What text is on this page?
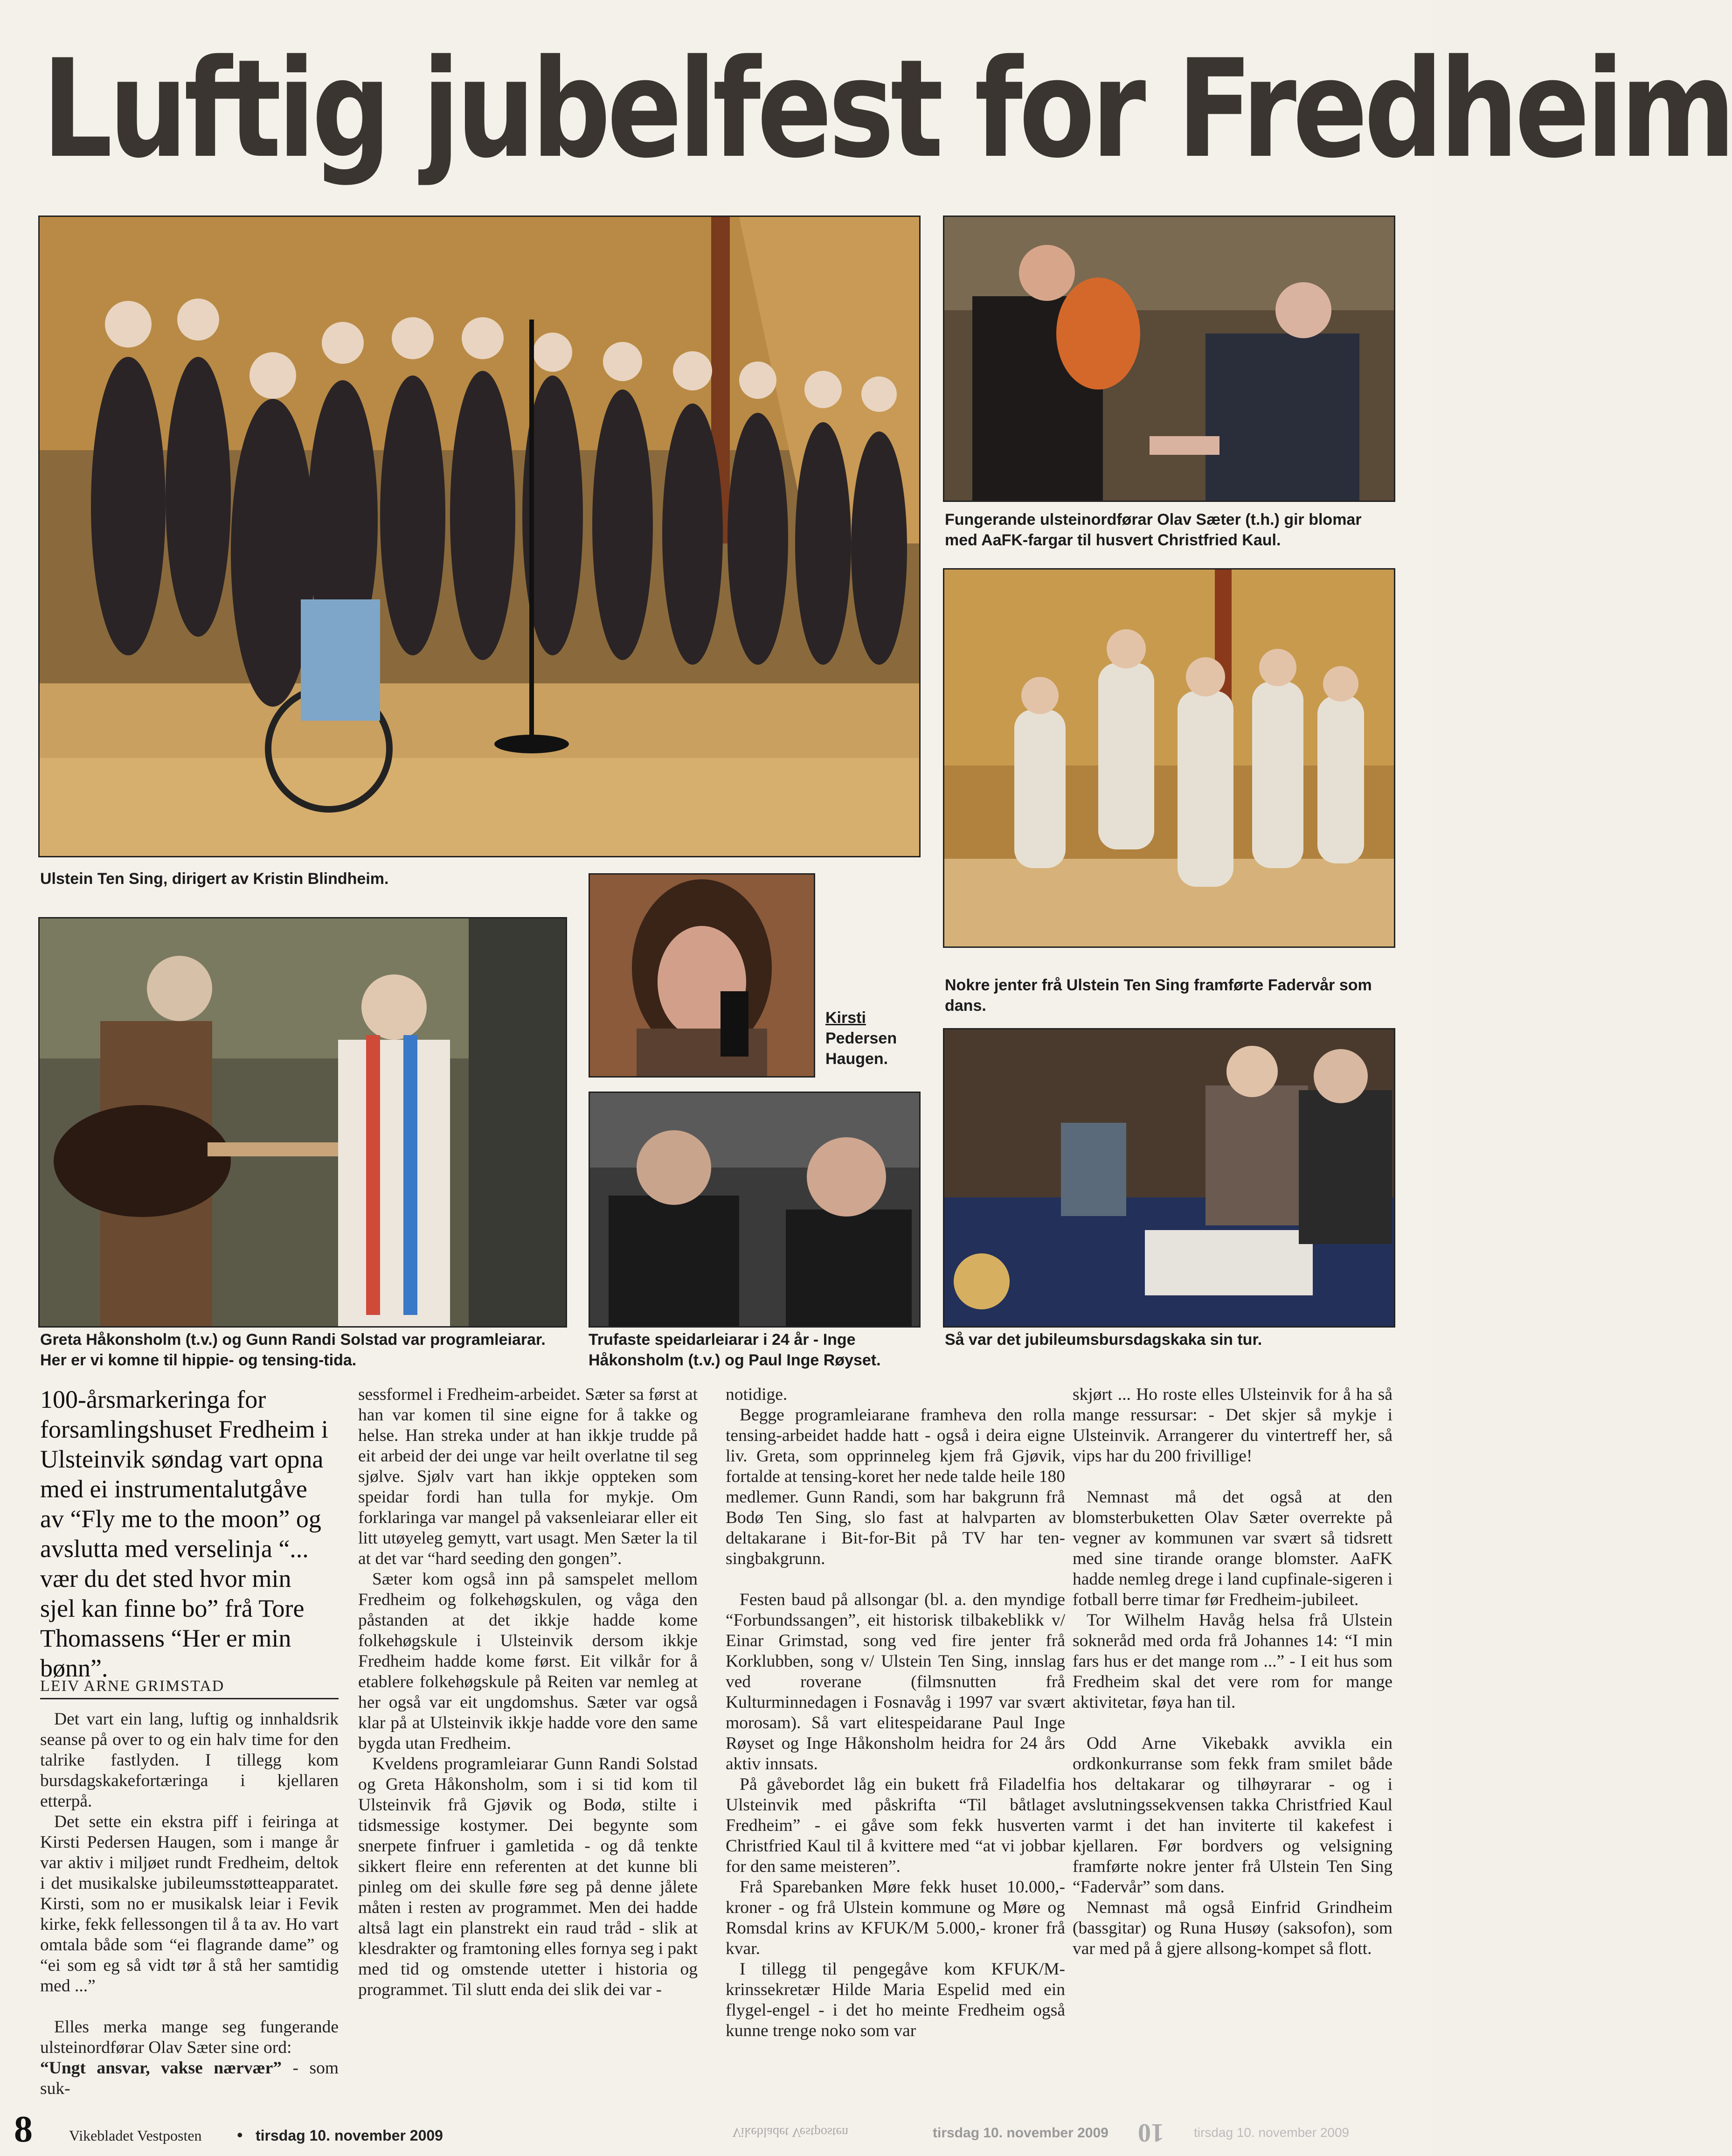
Luftig jubelfest for Fredheim
Ulstein Ten Sing, dirigert av Kristin Blindheim.
Fungerande ulsteinordførar Olav Sæter (t.h.) gir blomar med AaFK-fargar til husvert Christfried Kaul.
Nokre jenter frå Ulstein Ten Sing framførte Fadervår som dans.
Greta Håkonsholm (t.v.) og Gunn Randi Solstad var programleiarar. Her er vi komne til hippie- og tensing-tida.
Kirsti
Pedersen Haugen.
Trufaste speidarleiarar i 24 år - Inge Håkonsholm (t.v.) og Paul Inge Røyset.
Så var det jubileumsbursdagskaka sin tur.
100-årsmarkeringa for forsamlingshuset Fredheim i Ulsteinvik søndag vart opna med ei instrumentalutgåve av “Fly me to the moon” og avslutta med verselinja “... vær du det sted hvor min sjel kan finne bo” frå Tore Thomassens “Her er min bønn”.
LEIV ARNE GRIMSTAD

Det vart ein lang, luftig og innhaldsrik seanse på over to og ein halv time for den talrike fastlyden. I tillegg kom bursdagskakefortæringa i kjellaren etterpå.

Det sette ein ekstra piff i feiringa at Kirsti Pedersen Haugen, som i mange år var aktiv i miljøet rundt Fredheim, deltok i det musikalske jubileumsstøtteapparatet. Kirsti, som no er musikalsk leiar i Fevik kirke, fekk fellessongen til å ta av. Ho vart omtala både som “ei flagrande dame” og “ei som eg så vidt tør å stå her samtidig med ...”

Elles merka mange seg fungerande ulsteinordførar Olav Sæter sine ord:

“Ungt ansvar, vakse nærvær” - som suk-

sessformel i Fredheim-arbeidet. Sæter sa først at han var komen til sine eigne for å takke og helse. Han streka under at han ikkje trudde på eit arbeid der dei unge var heilt overlatne til seg sjølve. Sjølv vart han ikkje oppteken som speidar fordi han tulla for mykje. Om forklaringa var mangel på vaksenleiarar eller eit litt utøyeleg gemytt, vart usagt. Men Sæter la til at det var “hard seeding den gongen”.

Sæter kom også inn på samspelet mellom Fredheim og folkehøgskulen, og våga den påstanden at det ikkje hadde kome folkehøgskule i Ulsteinvik dersom ikkje Fredheim hadde kome først. Eit vilkår for å etablere folkehøgskule på Reiten var nemleg at her også var eit ungdomshus. Sæter var også klar på at Ulsteinvik ikkje hadde vore den same bygda utan Fredheim.

Kveldens programleiarar Gunn Randi Solstad og Greta Håkonsholm, som i si tid kom til Ulsteinvik frå Gjøvik og Bodø, stilte i tidsmessige kostymer. Dei begynte som snerpete finfruer i gamletida - og då tenkte sikkert fleire enn referenten at det kunne bli pinleg om dei skulle føre seg på denne jålete måten i resten av programmet. Men dei hadde altså lagt ein planstrekt ein raud tråd - slik at klesdrakter og framtoning elles fornya seg i pakt med tid og omstende utetter i historia og programmet. Til slutt enda dei slik dei var -

notidige.

Begge programleiarane framheva den rolla tensing-arbeidet hadde hatt - også i deira eigne liv. Greta, som opprinneleg kjem frå Gjøvik, fortalde at tensing-koret her nede talde heile 180 medlemer. Gunn Randi, som har bakgrunn frå Bodø Ten Sing, slo fast at halvparten av deltakarane i Bit-for-Bit på TV har ten-singbakgrunn.

Festen baud på allsongar (bl. a. den myndige “Forbundssangen”, eit historisk tilbakeblikk v/ Einar Grimstad, song ved fire jenter frå Korklubben, song v/ Ulstein Ten Sing, innslag ved roverane (filmsnutten frå Kulturminnedagen i Fosnavåg i 1997 var svært morosam). Så vart elitespeidarane Paul Inge Røyset og Inge Håkonsholm heidra for 24 års aktiv innsats.

På gåvebordet låg ein bukett frå Filadelfia Ulsteinvik med påskrifta “Til båtlaget Fredheim” - ei gåve som fekk husverten Christfried Kaul til å kvittere med “at vi jobbar for den same meisteren”.

Frå Sparebanken Møre fekk huset 10.000,- kroner - og frå Ulstein kommune og Møre og Romsdal krins av KFUK/M 5.000,- kroner frå kvar.

I tillegg til pengegåve kom KFUK/M-krinssekretær Hilde Maria Espelid med ein flygel-engel - i det ho meinte Fredheim også kunne trenge noko som var

skjørt ... Ho roste elles Ulsteinvik for å ha så mange ressursar: - Det skjer så mykje i Ulsteinvik. Arrangerer du vintertreff her, så vips har du 200 frivillige!

Nemnast må det også at den blomsterbuketten Olav Sæter overrekte på vegner av kommunen var svært så tidsrett med sine tirande orange blomster. AaFK hadde nemleg drege i land cupfinale-sigeren i fotball berre timar før Fredheim-jubileet.

Tor Wilhelm Havåg helsa frå Ulstein sokneråd med orda frå Johannes 14: “I min fars hus er det mange rom ...” - I eit hus som Fredheim skal det vere rom for mange aktivitetar, føya han til.

Odd Arne Vikebakk avvikla ein ordkonkurranse som fekk fram smilet både hos deltakarar og tilhøyrarar - og i avslutningssekvensen takka Christfried Kaul varmt i det han inviterte til kakefest i kjellaren. Før bordvers og velsigning framførte nokre jenter frå Ulstein Ten Sing “Fadervår” som dans.

Nemnast må også Einfrid Grindheim (bassgitar) og Runa Husøy (saksofon), som var med på å gjere allsong-kompet så flott.

8 Vikebladet Vestposten • tirsdag 10. november 2009	Vikebladet Vestposten	tirsdag 10. november 2009 10 tirsdag 10. november 2009
